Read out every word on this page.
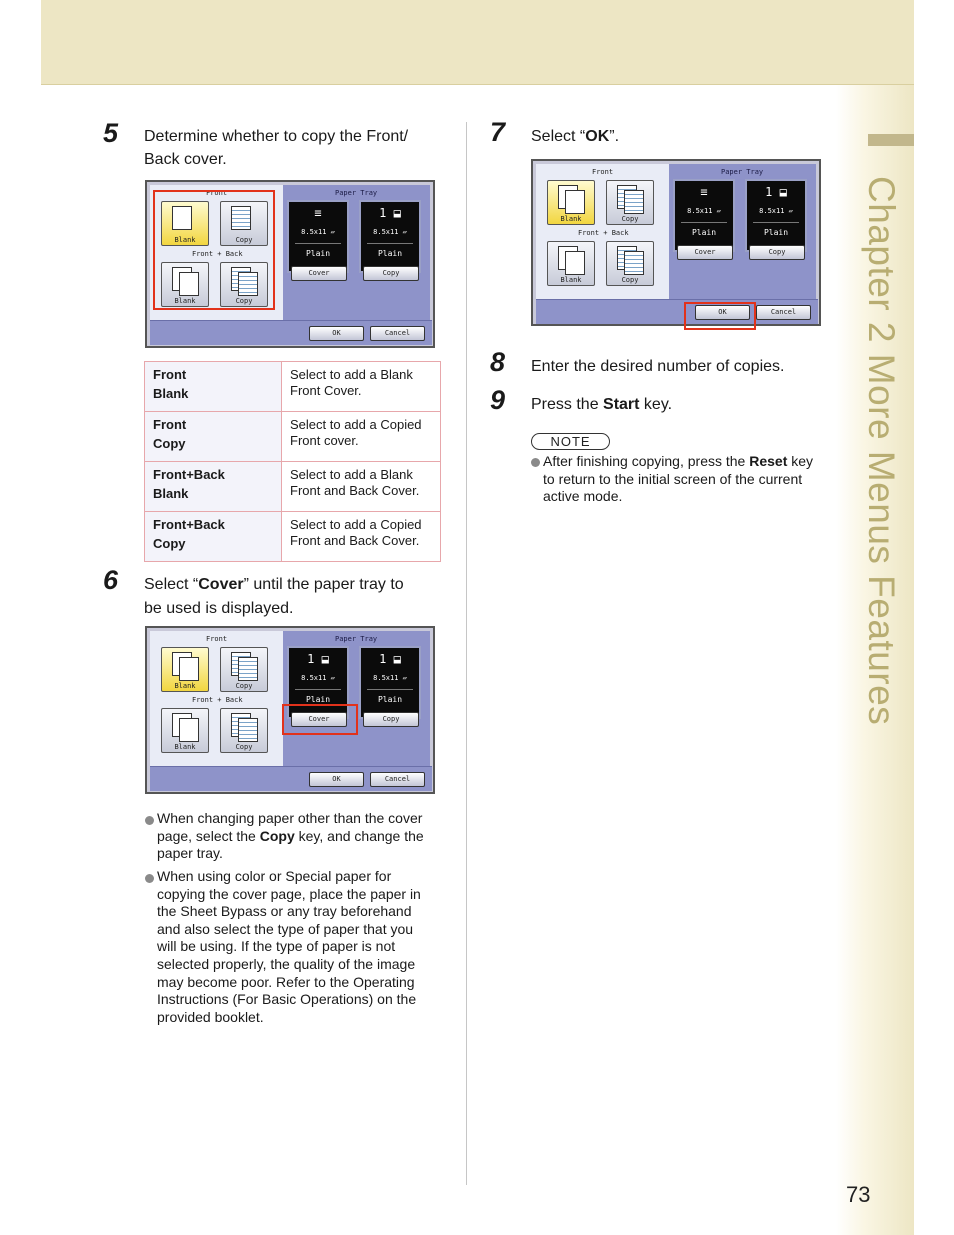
Chapter 2 More Menus Features
73
5 Determine whether to copy the Front/
Back cover.
Front
Blank	Copy
Front + Back
Blank	Copy
Paper Tray
≡
8.5x11 ▱
Plain
1 ⬓
8.5x11 ▱
Plain
Cover	Copy
OK	Cancel
Front
Blank	Select to add a Blank
Front Cover.
Front
Copy	Select to add a Copied
Front cover.
Front+Back
Blank	Select to add a Blank
Front and Back Cover.
Front+Back
Copy	Select to add a Copied
Front and Back Cover.
6 Select “Cover” until the paper tray to
be used is displayed.
Front
Blank	Copy
Front + Back
Blank	Copy
Paper Tray
1 ⬓
8.5x11 ▱
Plain
1 ⬓
8.5x11 ▱
Plain
Cover	Copy
OK	Cancel
When changing paper other than the cover
page, select the Copy key, and change the
paper tray.
When using color or Special paper for
copying the cover page, place the paper in
the Sheet Bypass or any tray beforehand
and also select the type of paper that you
will be using. If the type of paper is not
selected properly, the quality of the image
may become poor. Refer to the Operating
Instructions (For Basic Operations) on the
provided booklet.
7 Select “OK”.
Front
Blank	Copy
Front + Back
Blank	Copy
Paper Tray
≡
8.5x11 ▱
Plain
1 ⬓
8.5x11 ▱
Plain
Cover	Copy
OK	Cancel
8 Enter the desired number of copies.
9 Press the Start key.
NOTE
After finishing copying, press the Reset key
to return to the initial screen of the current
active mode.
